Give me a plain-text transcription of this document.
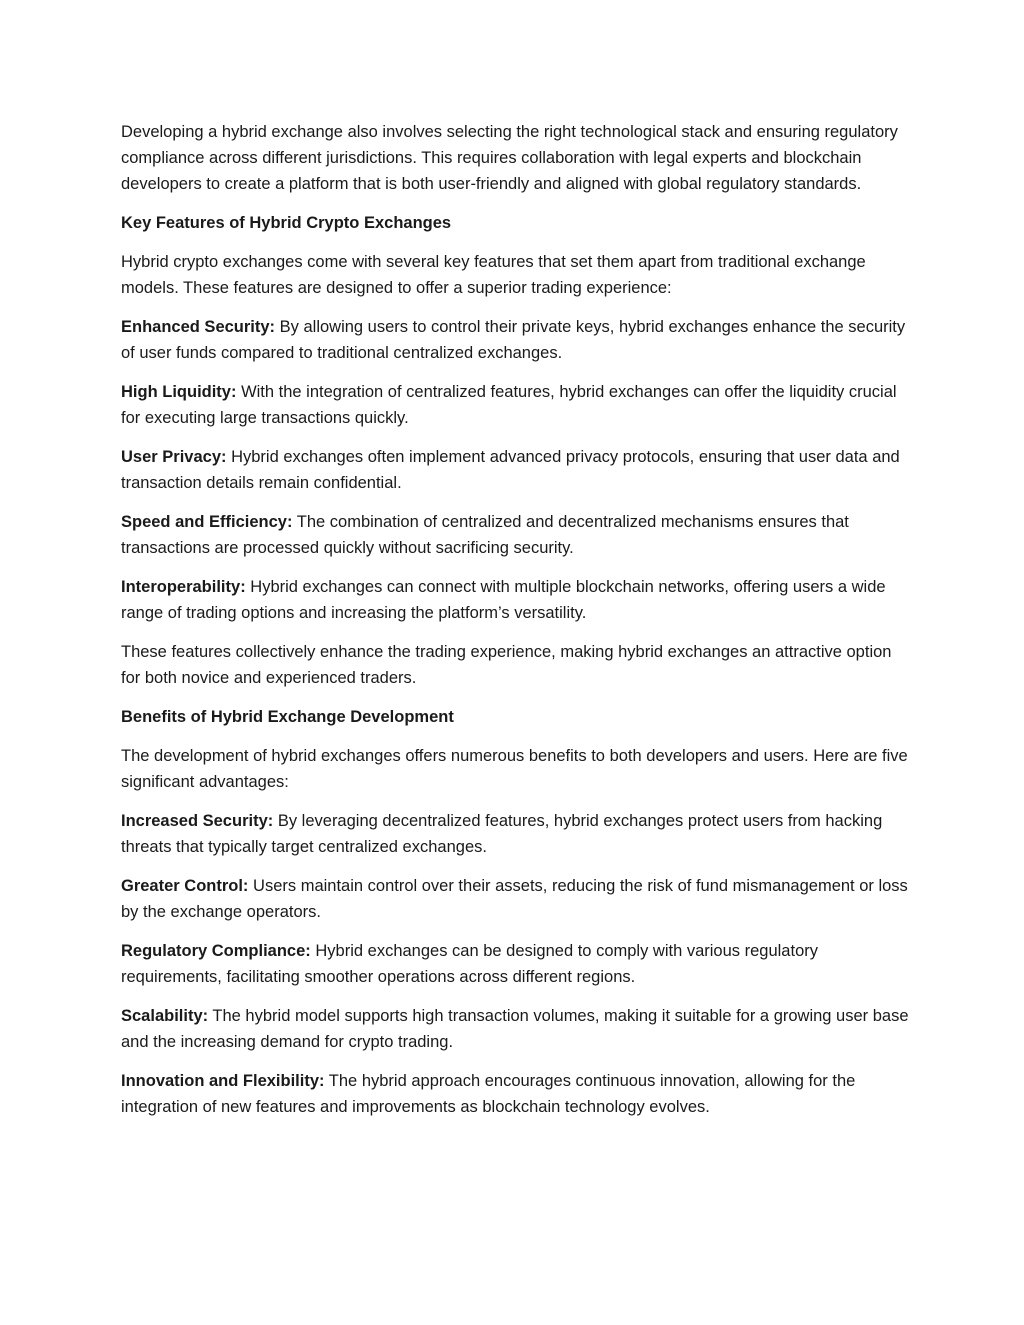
Developing a hybrid exchange also involves selecting the right technological stack and ensuring regulatory compliance across different jurisdictions. This requires collaboration with legal experts and blockchain developers to create a platform that is both user-friendly and aligned with global regulatory standards.

Key Features of Hybrid Crypto Exchanges

Hybrid crypto exchanges come with several key features that set them apart from traditional exchange models. These features are designed to offer a superior trading experience:

Enhanced Security: By allowing users to control their private keys, hybrid exchanges enhance the security of user funds compared to traditional centralized exchanges.

High Liquidity: With the integration of centralized features, hybrid exchanges can offer the liquidity crucial for executing large transactions quickly.

User Privacy: Hybrid exchanges often implement advanced privacy protocols, ensuring that user data and transaction details remain confidential.

Speed and Efficiency: The combination of centralized and decentralized mechanisms ensures that transactions are processed quickly without sacrificing security.

Interoperability: Hybrid exchanges can connect with multiple blockchain networks, offering users a wide range of trading options and increasing the platform’s versatility.

These features collectively enhance the trading experience, making hybrid exchanges an attractive option for both novice and experienced traders.

Benefits of Hybrid Exchange Development

The development of hybrid exchanges offers numerous benefits to both developers and users. Here are five significant advantages:

Increased Security: By leveraging decentralized features, hybrid exchanges protect users from hacking threats that typically target centralized exchanges.

Greater Control: Users maintain control over their assets, reducing the risk of fund mismanagement or loss by the exchange operators.

Regulatory Compliance: Hybrid exchanges can be designed to comply with various regulatory requirements, facilitating smoother operations across different regions.

Scalability: The hybrid model supports high transaction volumes, making it suitable for a growing user base and the increasing demand for crypto trading.

Innovation and Flexibility: The hybrid approach encourages continuous innovation, allowing for the integration of new features and improvements as blockchain technology evolves.
